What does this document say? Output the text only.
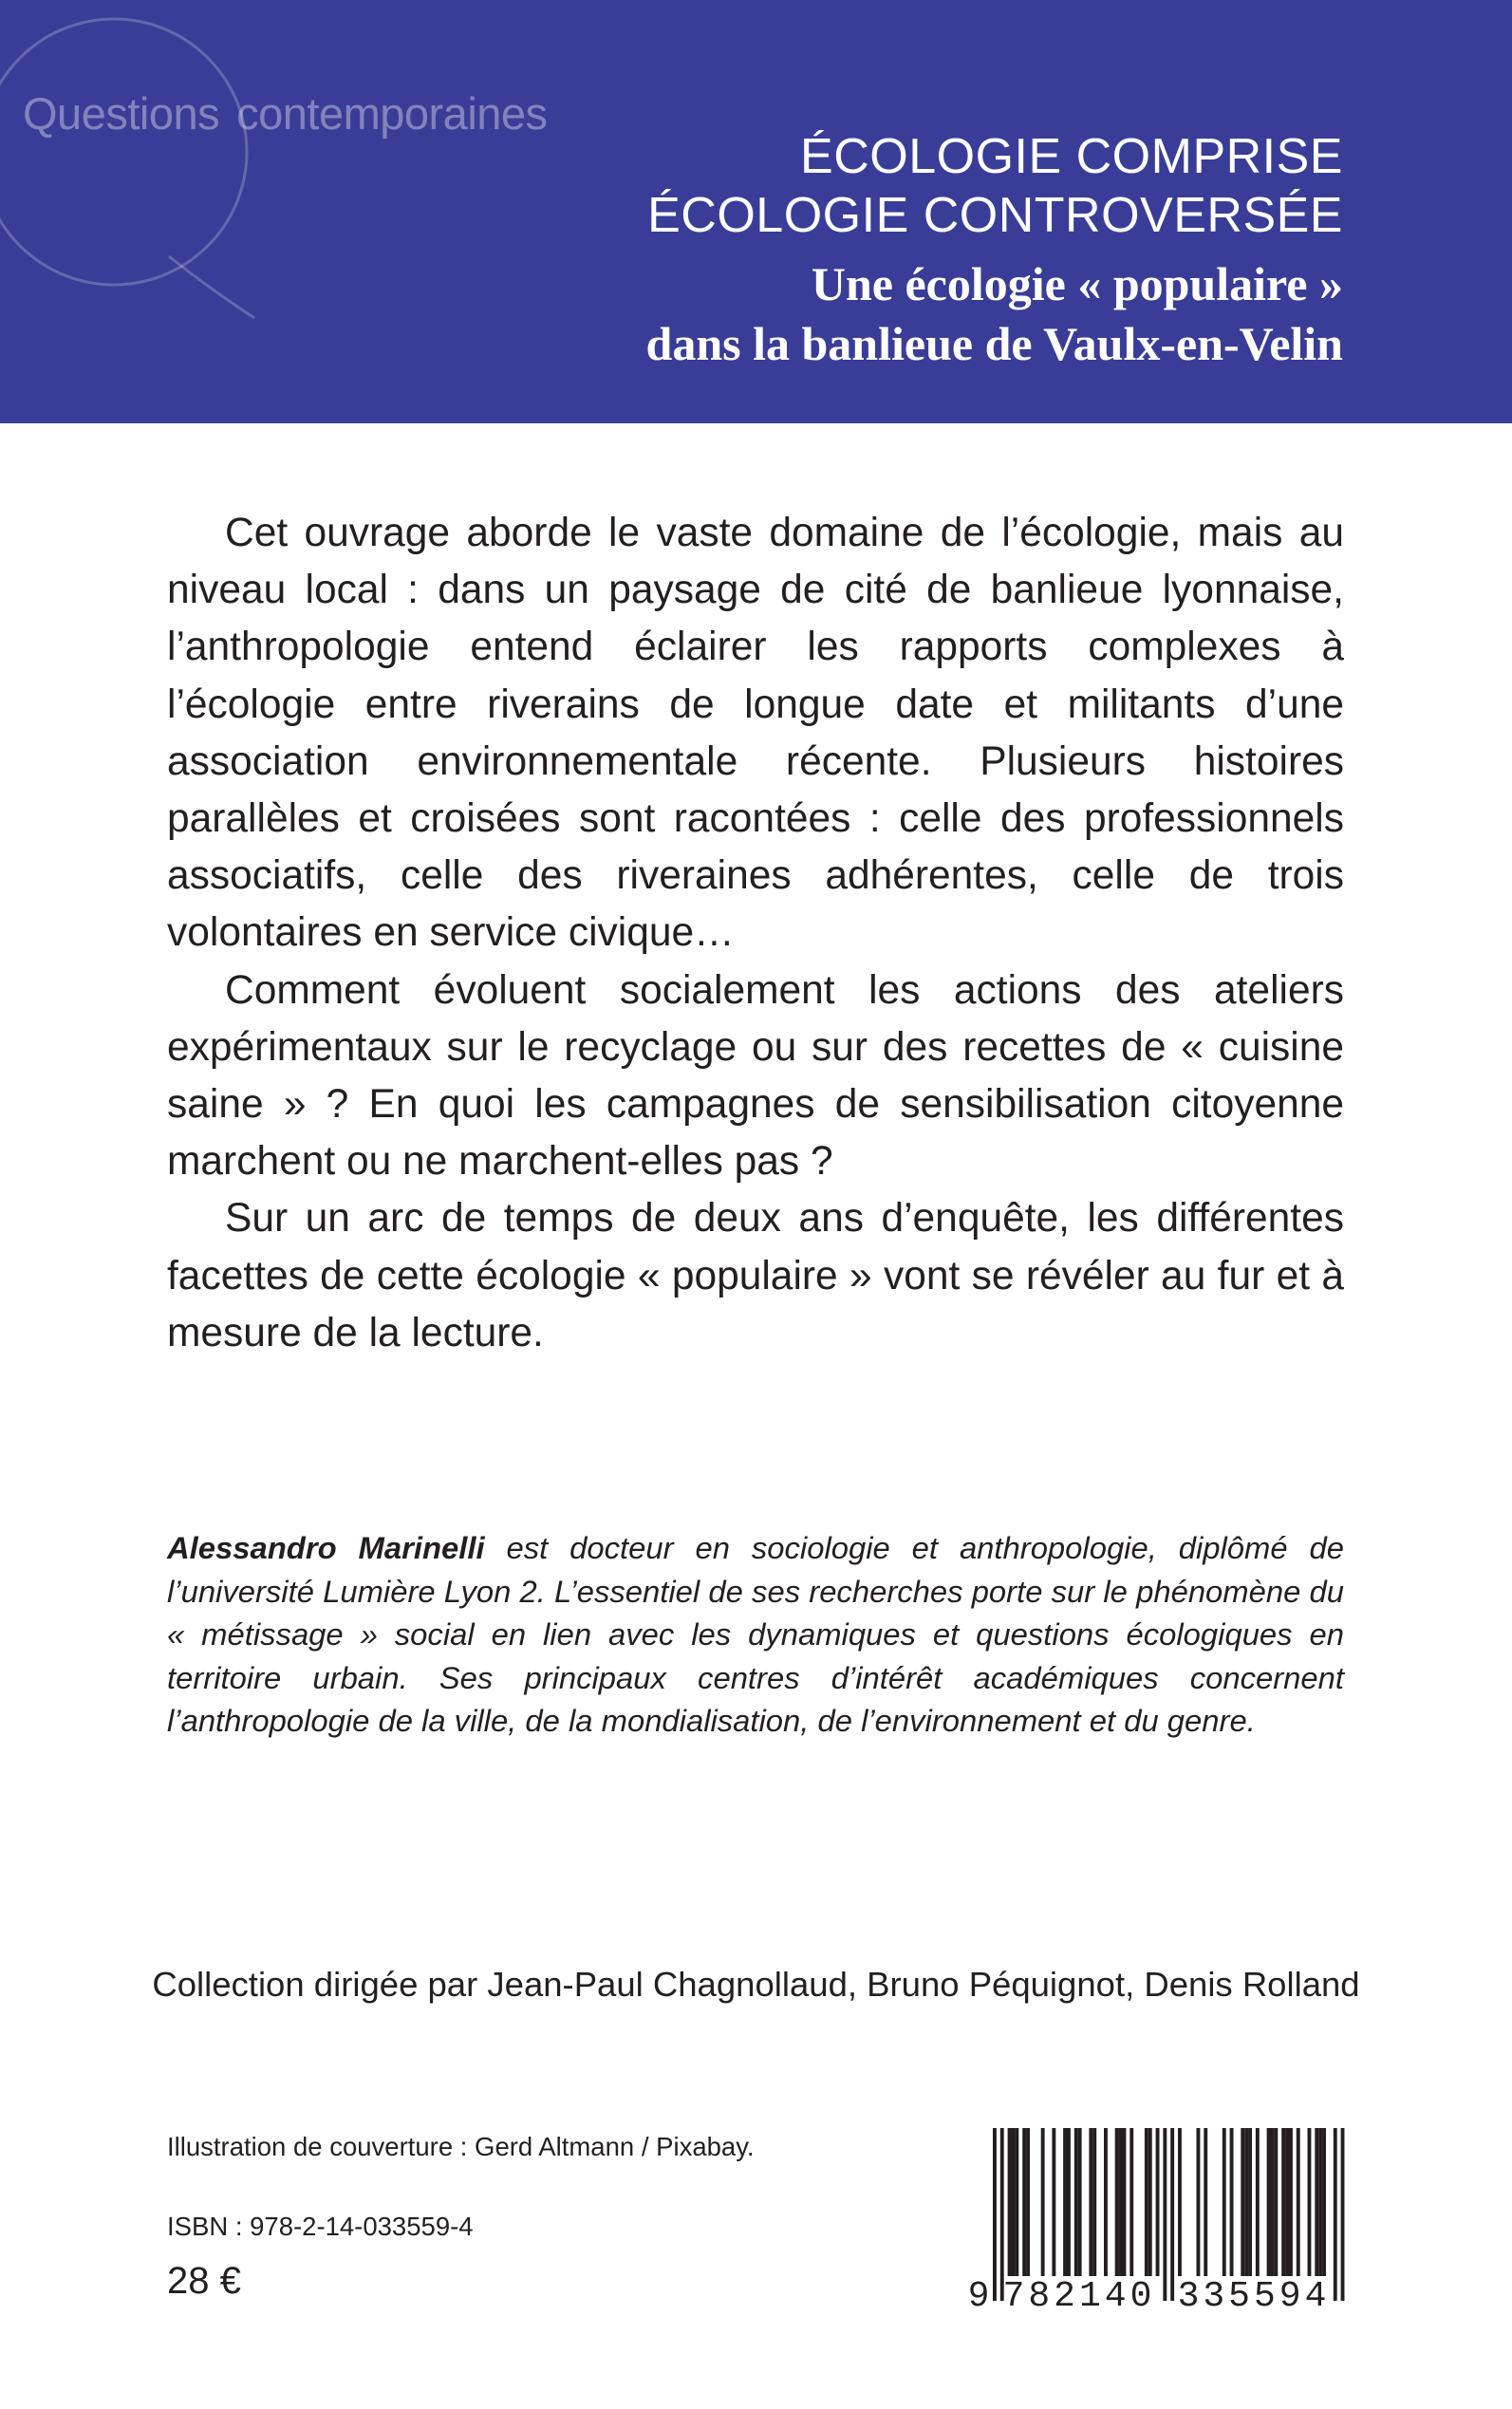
Questions contemporaines
ÉCOLOGIE COMPRISE
ÉCOLOGIE CONTROVERSÉE
Une écologie « populaire »
dans la banlieue de Vaulx-en-Velin

Cet ouvrage aborde le vaste domaine de l’écologie, mais au niveau local : dans un paysage de cité de banlieue lyonnaise, l’anthropologie entend éclairer les rapports complexes à l’écologie entre riverains de longue date et militants d’une association environnementale récente. Plusieurs histoires parallèles et croisées sont racontées : celle des professionnels associatifs, celle des riveraines adhérentes, celle de trois volontaires en service civique…

Comment évoluent socialement les actions des ateliers expérimentaux sur le recyclage ou sur des recettes de « cuisine saine » ? En quoi les campagnes de sensibilisation citoyenne marchent ou ne marchent-elles pas ?

Sur un arc de temps de deux ans d’enquête, les différentes facettes de cette écologie « populaire » vont se révéler au fur et à mesure de la lecture.

Alessandro Marinelli est docteur en sociologie et anthropologie, diplômé de l’université Lumière Lyon 2. L’essentiel de ses recherches porte sur le phénomène du « métissage » social en lien avec les dynamiques et questions écologiques en territoire urbain. Ses principaux centres d’intérêt académiques concernent l’anthropologie de la ville, de la mondialisation, de l’environnement et du genre.
Collection dirigée par Jean-Paul Chagnollaud, Bruno Péquignot, Denis Rolland
Illustration de couverture : Gerd Altmann / Pixabay.
ISBN : 978-2-14-033559-4
28 €	9 782140 335594
